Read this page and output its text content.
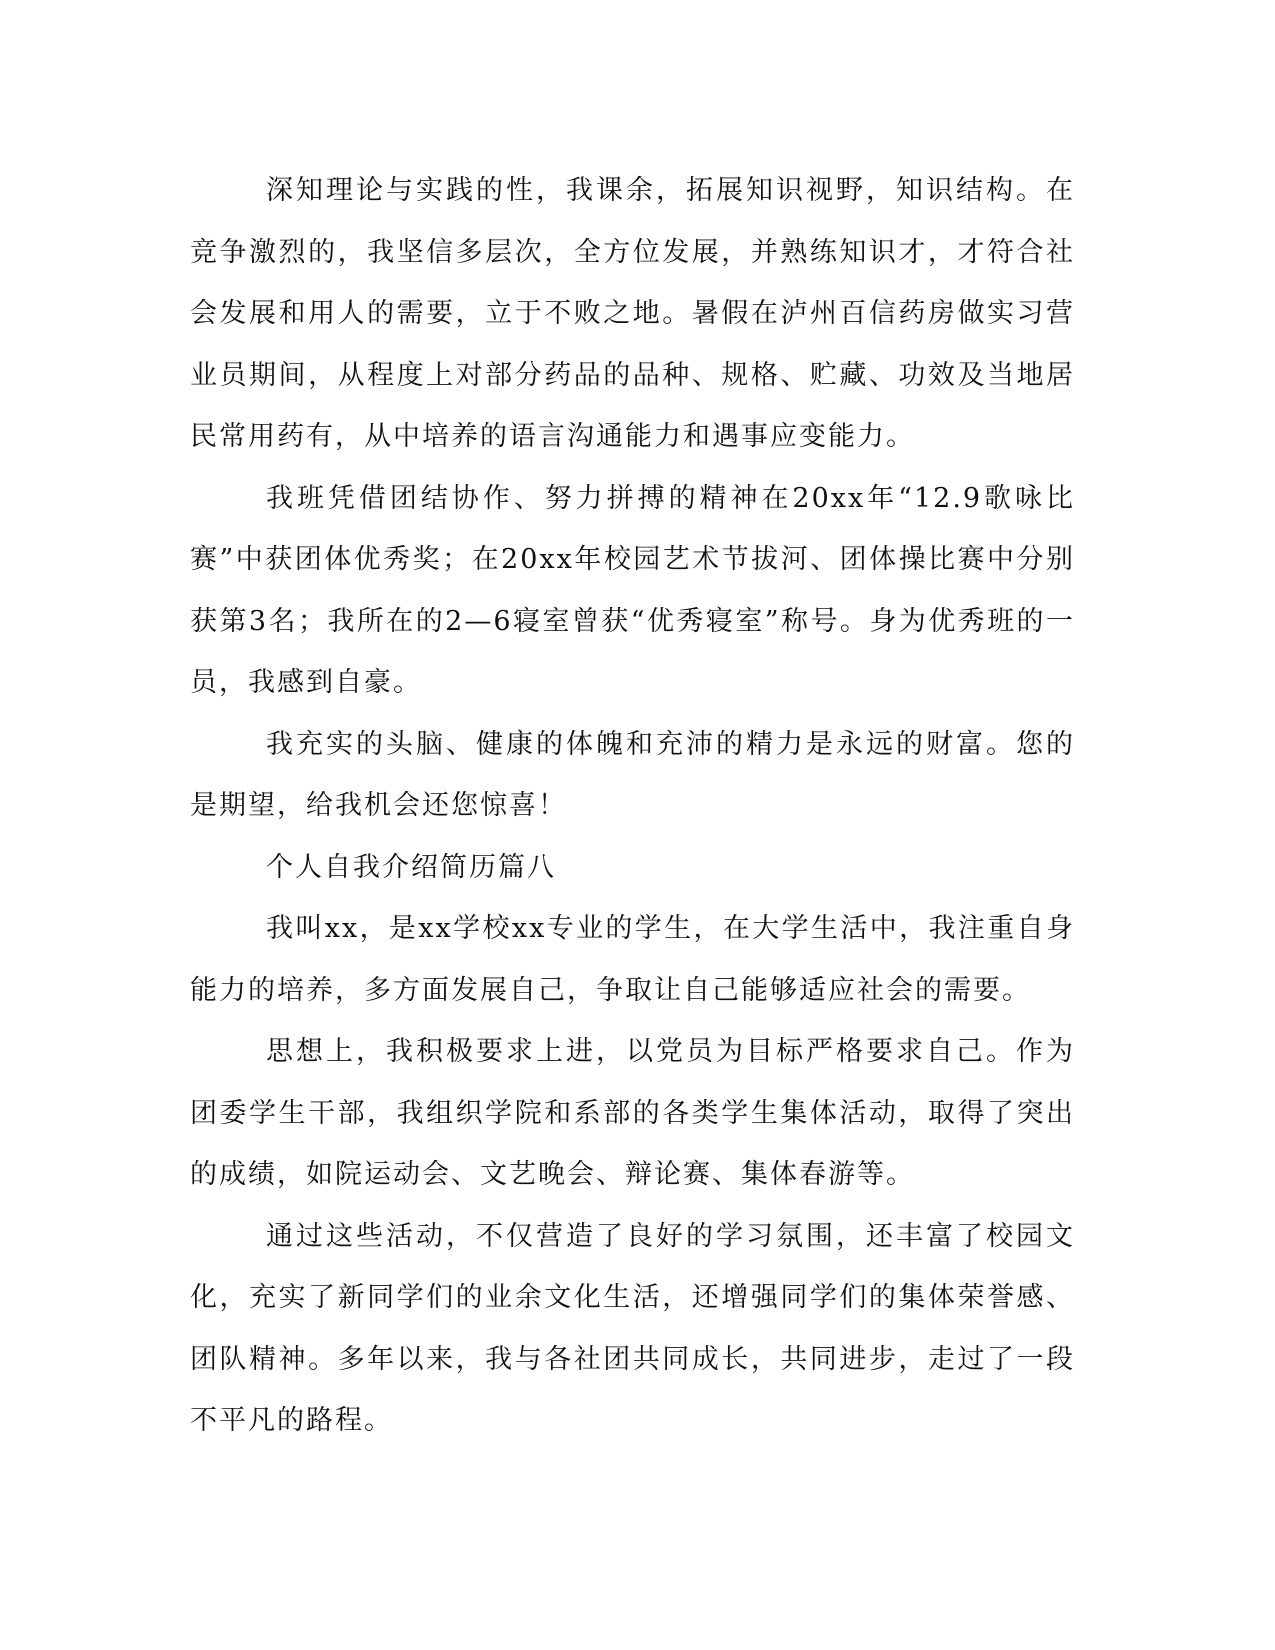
深知理论与实践的性，我课余，拓展知识视野，知识结构。在竞争激烈的，我坚信多层次，全方位发展，并熟练知识才，才符合社会发展和用人的需要，立于不败之地。暑假在泸州百信药房做实习营业员期间，从程度上对部分药品的品种、规格、贮藏、功效及当地居民常用药有，从中培养的语言沟通能力和遇事应变能力。

我班凭借团结协作、努力拼搏的精神在20xx年“12.9歌咏比赛”中获团体优秀奖；在20xx年校园艺术节拔河、团体操比赛中分别获第3名；我所在的2—6寝室曾获“优秀寝室”称号。身为优秀班的一员，我感到自豪。

我充实的头脑、健康的体魄和充沛的精力是永远的财富。您的是期望，给我机会还您惊喜！

个人自我介绍简历篇八

我叫xx，是xx学校xx专业的学生，在大学生活中，我注重自身能力的培养，多方面发展自己，争取让自己能够适应社会的需要。

思想上，我积极要求上进，以党员为目标严格要求自己。作为团委学生干部，我组织学院和系部的各类学生集体活动，取得了突出的成绩，如院运动会、文艺晚会、辩论赛、集体春游等。

通过这些活动，不仅营造了良好的学习氛围，还丰富了校园文化，充实了新同学们的业余文化生活，还增强同学们的集体荣誉感、团队精神。多年以来，我与各社团共同成长，共同进步，走过了一段不平凡的路程。
